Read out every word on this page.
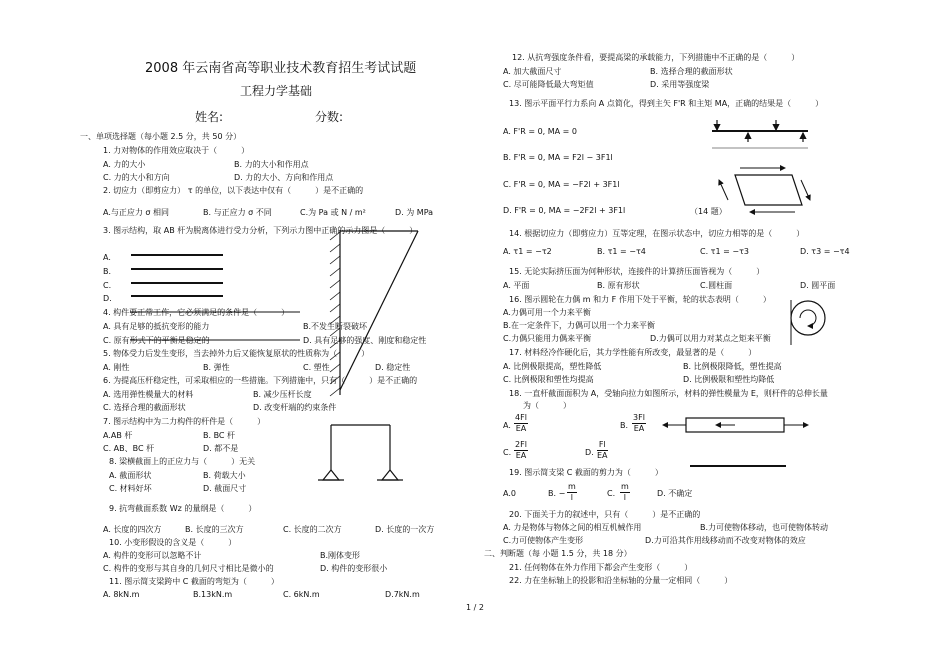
2008 年云南省高等职业技术教育招生考试试题
工程力学基础
姓名:	分数:
一、单项选择题（每小题 2.5 分，共 50 分）
1. 力对物体的作用效应取决于（　　　）
A. 力的大小	B. 力的大小和作用点
C. 力的大小和方向	D. 力的大小、方向和作用点
2. 切应力（即剪应力） τ 的单位，以下表达中仅有（　　　）是不正确的
A.与正应力 σ 相同	B. 与正应力 σ 不同	C.为 Pa 或 N / m²	D. 为 MPa
3. 图示结构，取 AB 杆为脱离体进行受力分析，下列示力图中正确的示力图是（　　　）
A.
B.
C.
D.
4. 构件要正常工作，它必须满足的条件是（　　　）
A. 具有足够的抵抗变形的能力	B.不发生断裂破坏
C. 原有形式下的平衡是稳定的	D. 具有足够的强度、刚度和稳定性
5. 物体受力后发生变形，当去掉外力后又能恢复原状的性质称为（　　　）
A. 刚性	B. 弹性	C. 塑性	D. 稳定性
6. 为提高压杆稳定性，可采取相应的一些措施。下列措施中，只有（　　　）是不正确的
A. 选用弹性模量大的材料	B. 减少压杆长度
C. 选择合理的截面形状	D. 改变杆端的约束条件
7. 图示结构中为二力构件的杆件是（　　　）
A.AB 杆	B. BC 杆
C. AB、BC 杆	D. 都不是
8. 梁横截面上的正应力与（　　　）无关
A. 截面形状	B. 荷载大小
C. 材料好坏	D. 截面尺寸
9. 抗弯截面系数 Wz 的量纲是（　　　）
A. 长度的四次方	B. 长度的三次方	C. 长度的二次方	D. 长度的一次方
10. 小变形假设的含义是（　　　）
A. 构件的变形可以忽略不计	B.刚体变形
C. 构件的变形与其自身的几何尺寸相比是微小的	D. 构件的变形很小
11. 图示简支梁跨中 C 截面的弯矩为（　　　）
A. 8kN.m	B.13kN.m	C. 6kN.m	D.7kN.m
12. 从抗弯强度条件看，要提高梁的承载能力，下列措施中不正确的是（　　　）
A. 加大截面尺寸	B. 选择合理的截面形状
C. 尽可能降低最大弯矩值	D. 采用等强度梁
13. 图示平面平行力系向 A 点简化，得到主矢 F'R 和主矩 MA，正确的结果是（　　　）
A. F'R = 0, MA = 0
B. F'R = 0, MA = F2l − 3F1l
C. F'R = 0, MA = −F2l + 3F1l
D. F'R = 0, MA = −2F2l + 3F1l	（14 题）
14. 根据切应力（即剪应力）互等定理，在图示状态中，切应力相等的是（　　　）
A. τ1 = −τ2	B. τ1 = −τ4	C. τ1 = −τ3	D. τ3 = −τ4
15. 无论实际挤压面为何种形状，连接件的计算挤压面皆视为（　　　）
A. 平面	B. 原有形状	C.圆柱面	D. 圆平面
16. 图示圆轮在力偶 m 和力 F 作用下处于平衡，轮的状态表明（　　　）
A.力偶可用一个力来平衡
B.在一定条件下，力偶可以用一个力来平衡
C.力偶只能用力偶来平衡	D.力偶可以用力对某点之矩来平衡
17. 材料经冷作硬化后，其力学性能有所改变，最显著的是（　　　）
A. 比例极限提高，塑性降低	B. 比例极限降低，塑性提高
C. 比例极限和塑性均提高	D. 比例极限和塑性均降低
18. 一直杆截面面积为 A，受轴向拉力如图所示，材料的弹性模量为 E，则杆件的总伸长量
为（　　　）
A. $\frac{4Fl}{EA}$	B. $\frac{3Fl}{EA}$
C. $\frac{2Fl}{EA}$	D. $\frac{Fl}{EA}$
19. 图示简支梁 C 截面的剪力为（　　　）
A.0	B. − $\frac{m}{l}$	C. $\frac{m}{l}$	D. 不确定
20. 下面关于力的叙述中，只有（　　　）是不正确的
A. 力是物体与物体之间的相互机械作用	B.力可使物体移动，也可使物体转动
C.力可使物体产生变形	D.力可沿其作用线移动而不改变对物体的效应
二、判断题（每 小题 1.5 分，共 18 分）
21. 任何物体在外力作用下都会产生变形（　　　）
22. 力在坐标轴上的投影和沿坐标轴的分量一定相同（　　　）
1 / 2
